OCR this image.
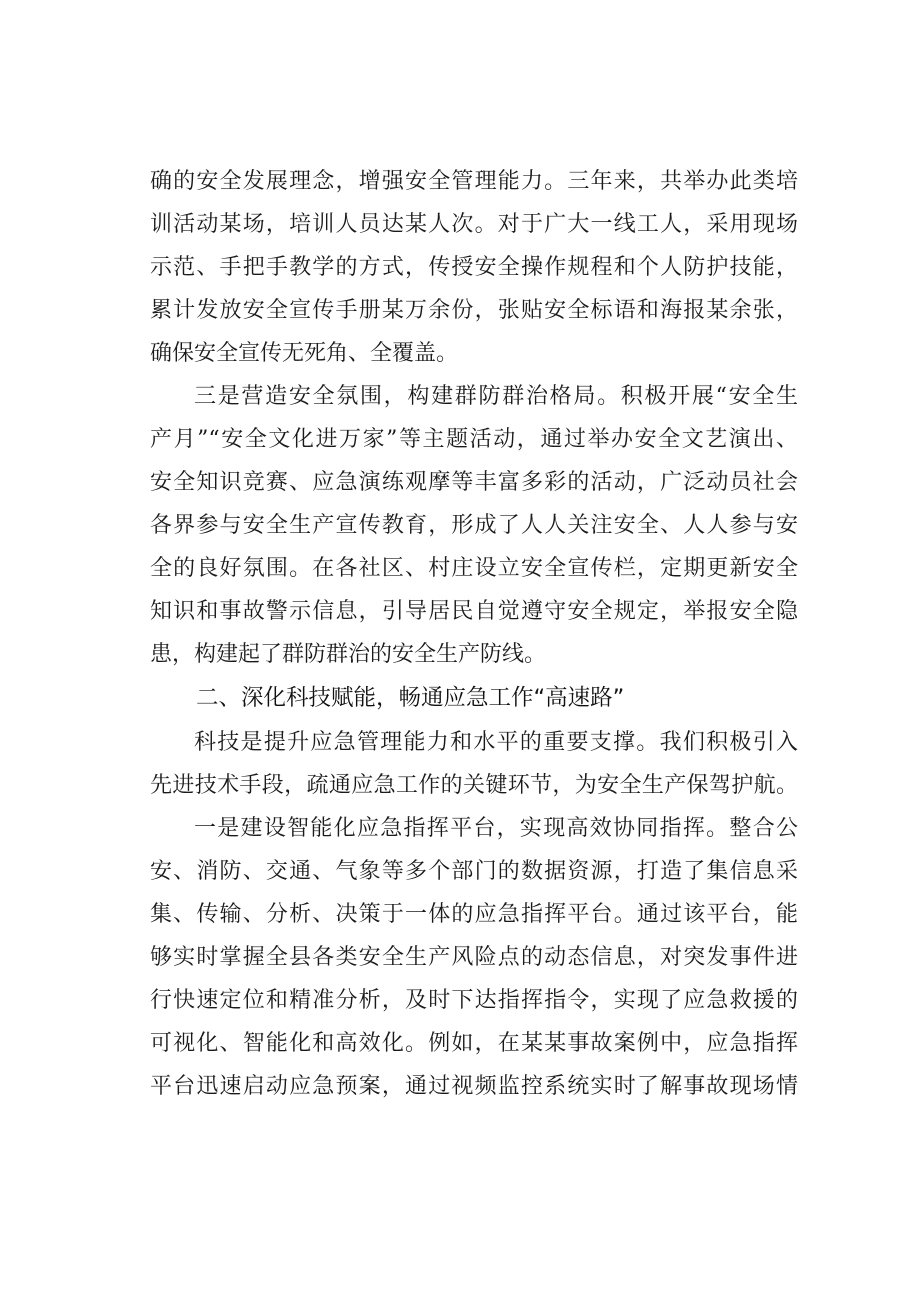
确的安全发展理念，增强安全管理能力。三年来，共举办此类培
训活动某场，培训人员达某人次。对于广大一线工人，采用现场
示范、手把手教学的方式，传授安全操作规程和个人防护技能，
累计发放安全宣传手册某万余份，张贴安全标语和海报某余张，
确保安全宣传无死角、全覆盖。
三是营造安全氛围，构建群防群治格局。积极开展“安全生
产月”“安全文化进万家”等主题活动，通过举办安全文艺演出、
安全知识竞赛、应急演练观摩等丰富多彩的活动，广泛动员社会
各界参与安全生产宣传教育，形成了人人关注安全、人人参与安
全的良好氛围。在各社区、村庄设立安全宣传栏，定期更新安全
知识和事故警示信息，引导居民自觉遵守安全规定，举报安全隐
患，构建起了群防群治的安全生产防线。
科技是提升应急管理能力和水平的重要支撑。我们积极引入
先进技术手段，疏通应急工作的关键环节，为安全生产保驾护航。
一是建设智能化应急指挥平台，实现高效协同指挥。整合公
安、消防、交通、气象等多个部门的数据资源，打造了集信息采
集、传输、分析、决策于一体的应急指挥平台。通过该平台，能
够实时掌握全县各类安全生产风险点的动态信息，对突发事件进
行快速定位和精准分析，及时下达指挥指令，实现了应急救援的
可视化、智能化和高效化。例如，在某某事故案例中，应急指挥
平台迅速启动应急预案，通过视频监控系统实时了解事故现场情
二、深化科技赋能，畅通应急工作“高速路”
